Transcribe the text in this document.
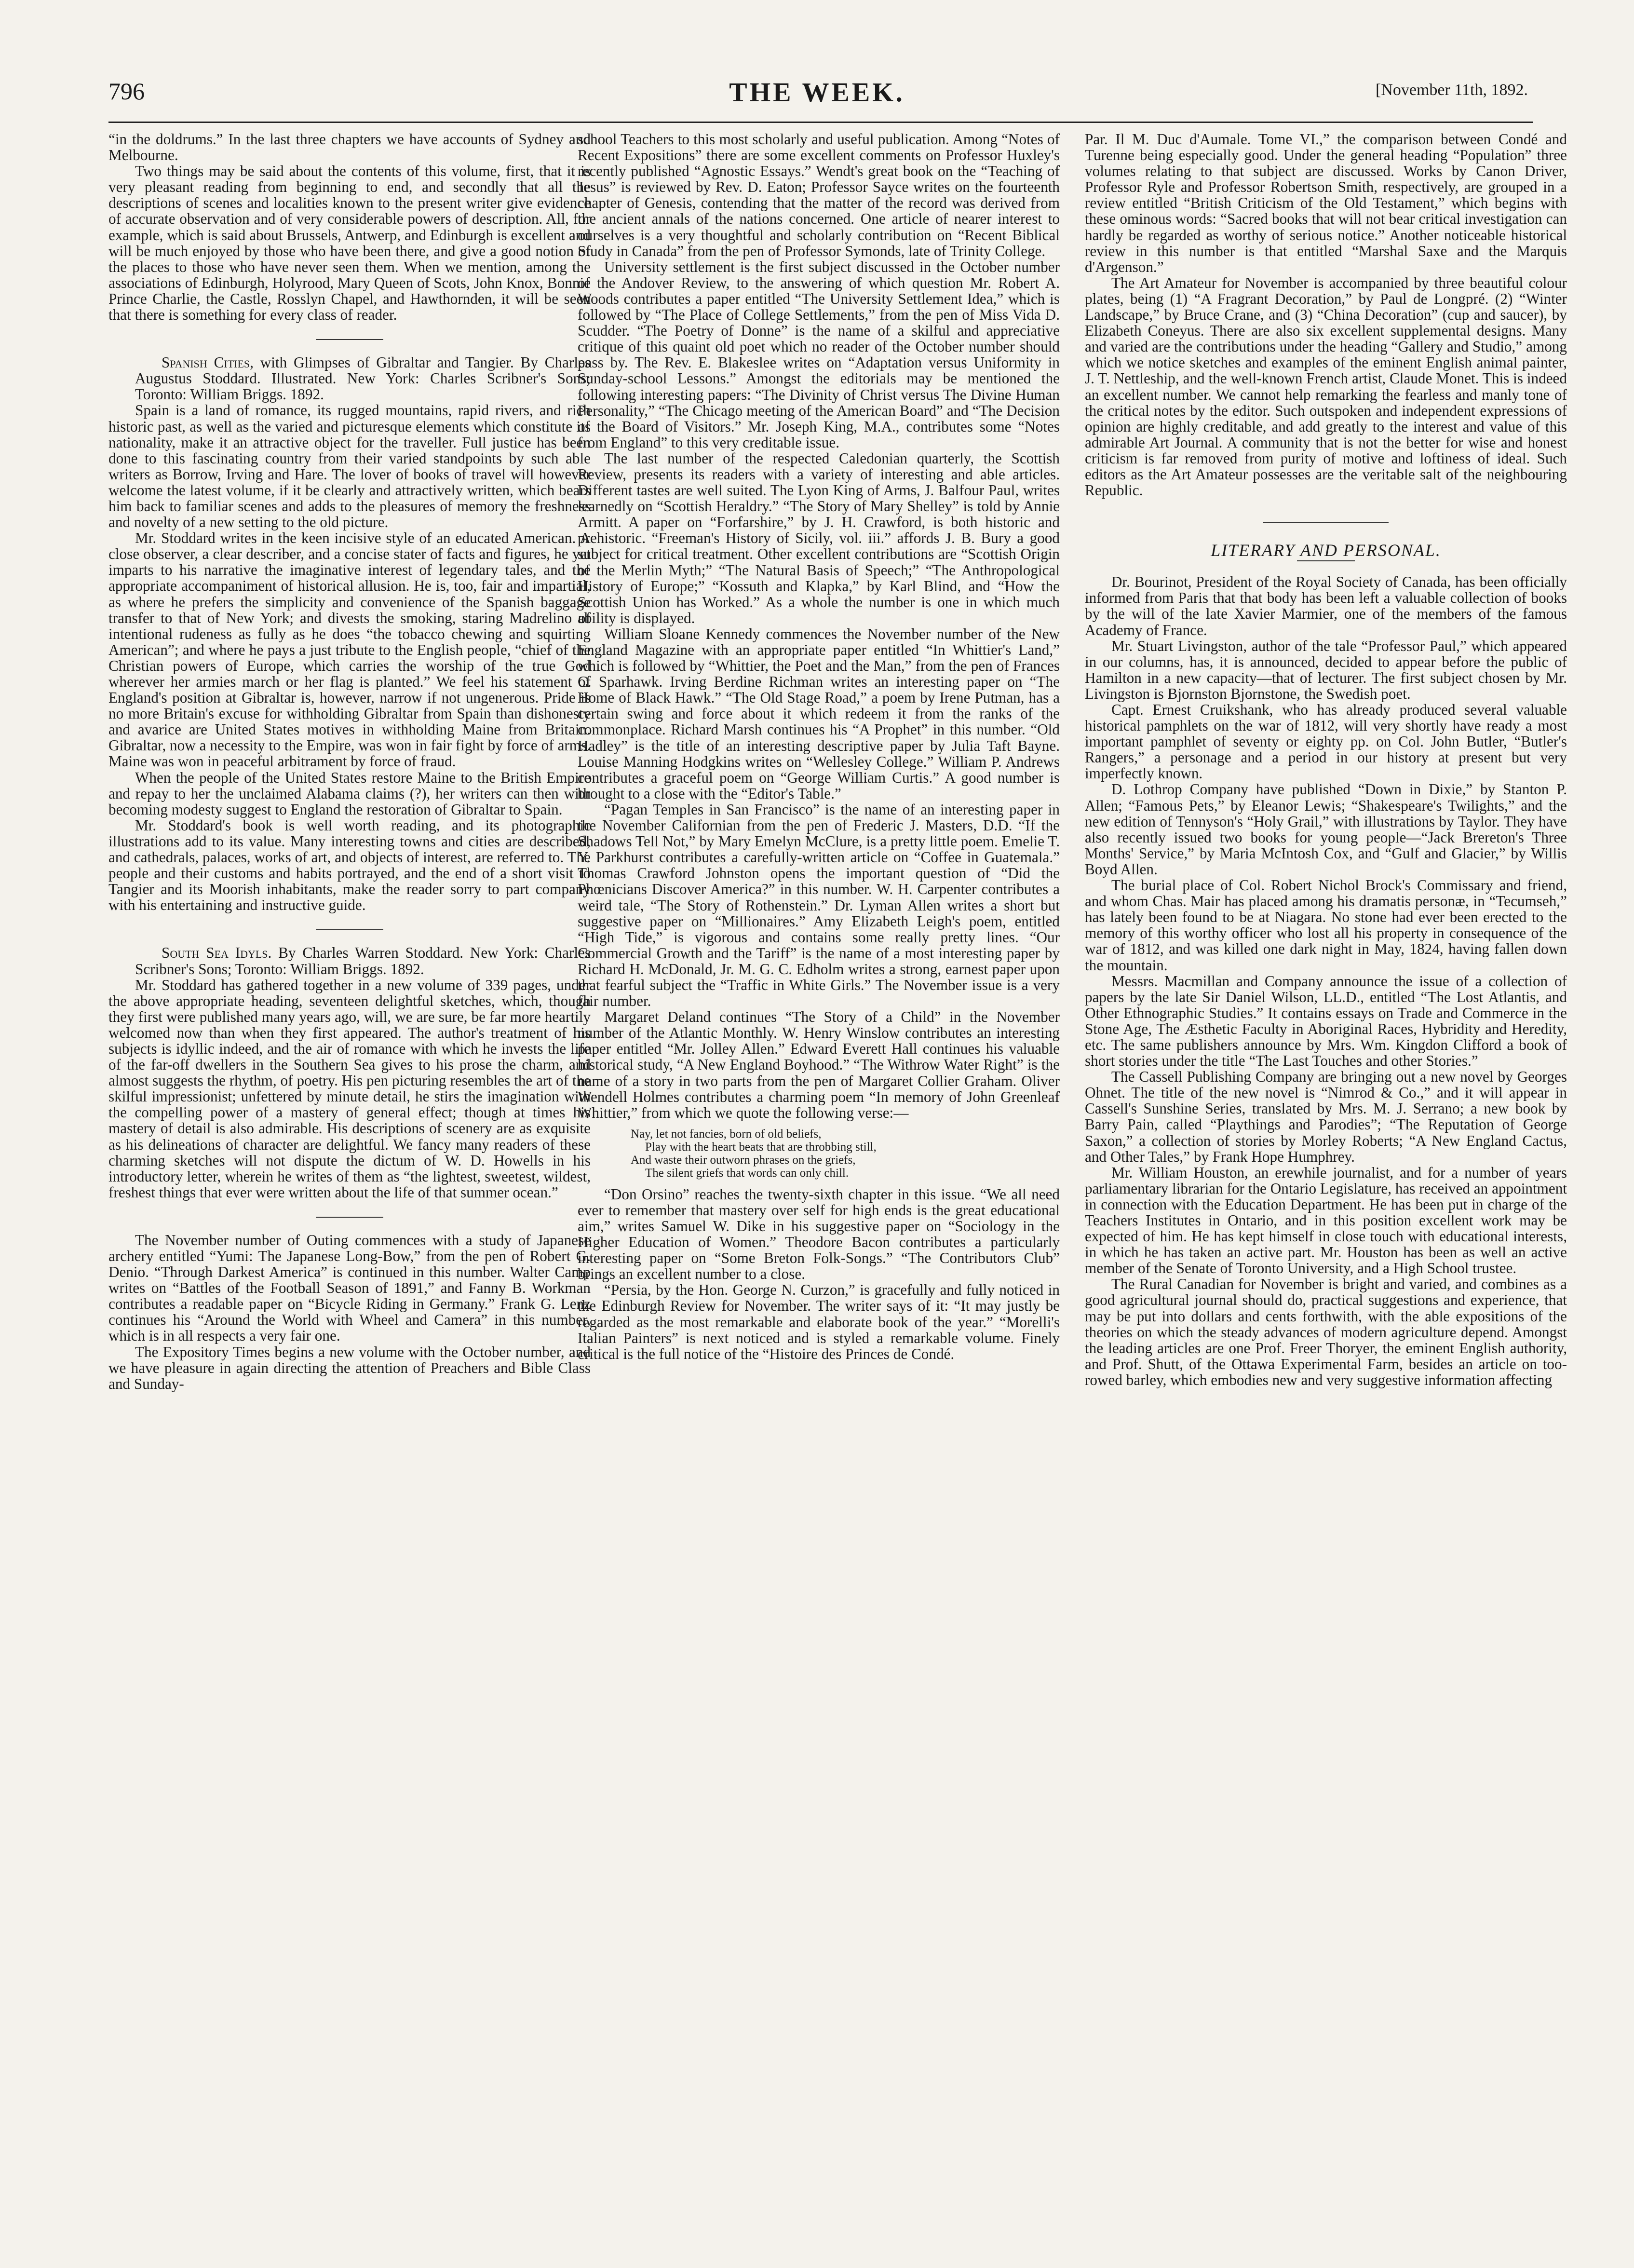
796	THE WEEK.	[November 11th, 1892.

“in the doldrums.” In the last three chapters we have accounts of Sydney and Melbourne.

Two things may be said about the contents of this volume, first, that it is very pleasant reading from beginning to end, and secondly that all the descriptions of scenes and localities known to the present writer give evidence of accurate observation and of very considerable powers of description. All, for example, which is said about Brussels, Antwerp, and Edinburgh is excellent and will be much enjoyed by those who have been there, and give a good notion of the places to those who have never seen them. When we mention, among the associations of Edinburgh, Holyrood, Mary Queen of Scots, John Knox, Bonnie Prince Charlie, the Castle, Rosslyn Chapel, and Hawthornden, it will be seen that there is something for every class of reader.

Spanish Cities, with Glimpses of Gibraltar and Tangier. By Charles Augustus Stoddard. Illustrated. New York: Charles Scribner's Sons; Toronto: William Briggs. 1892.

Spain is a land of romance, its rugged mountains, rapid rivers, and rich historic past, as well as the varied and picturesque elements which constitute its nationality, make it an attractive object for the traveller. Full justice has been done to this fascinating country from their varied standpoints by such able writers as Borrow, Irving and Hare. The lover of books of travel will however welcome the latest volume, if it be clearly and attractively written, which bears him back to familiar scenes and adds to the pleasures of memory the freshness and novelty of a new setting to the old picture.

Mr. Stoddard writes in the keen incisive style of an educated American. A close observer, a clear describer, and a concise stater of facts and figures, he yet imparts to his narrative the imaginative interest of legendary tales, and the appropriate accompaniment of historical allusion. He is, too, fair and impartial, as where he prefers the simplicity and convenience of the Spanish baggage transfer to that of New York; and divests the smoking, staring Madrelino of intentional rudeness as fully as he does “the tobacco chewing and squirting American”; and where he pays a just tribute to the English people, “chief of the Christian powers of Europe, which carries the worship of the true God wherever her armies march or her flag is planted.” We feel his statement of England's position at Gibraltar is, however, narrow if not ungenerous. Pride is no more Britain's excuse for withholding Gibraltar from Spain than dishonesty and avarice are United States motives in withholding Maine from Britain. Gibraltar, now a necessity to the Empire, was won in fair fight by force of arms. Maine was won in peaceful arbitrament by force of fraud.

When the people of the United States restore Maine to the British Empire and repay to her the unclaimed Alabama claims (?), her writers can then with becoming modesty suggest to England the restoration of Gibraltar to Spain.

Mr. Stoddard's book is well worth reading, and its photographic illustrations add to its value. Many interesting towns and cities are described, and cathedrals, palaces, works of art, and objects of interest, are referred to. The people and their customs and habits portrayed, and the end of a short visit to Tangier and its Moorish inhabitants, make the reader sorry to part company with his entertaining and instructive guide.

South Sea Idyls. By Charles Warren Stoddard. New York: Charles Scribner's Sons; Toronto: William Briggs. 1892.

Mr. Stoddard has gathered together in a new volume of 339 pages, under the above appropriate heading, seventeen delightful sketches, which, though they first were published many years ago, will, we are sure, be far more heartily welcomed now than when they first appeared. The author's treatment of his subjects is idyllic indeed, and the air of romance with which he invests the life of the far-off dwellers in the Southern Sea gives to his prose the charm, and almost suggests the rhythm, of poetry. His pen picturing resembles the art of the skilful impressionist; unfettered by minute detail, he stirs the imagination with the compelling power of a mastery of general effect; though at times his mastery of detail is also admirable. His descriptions of scenery are as exquisite as his delineations of character are delightful. We fancy many readers of these charming sketches will not dispute the dictum of W. D. Howells in his introductory letter, wherein he writes of them as “the lightest, sweetest, wildest, freshest things that ever were written about the life of that summer ocean.”

The November number of Outing commences with a study of Japanese archery entitled “Yumi: The Japanese Long-Bow,” from the pen of Robert G. Denio. “Through Darkest America” is continued in this number. Walter Camp writes on “Battles of the Football Season of 1891,” and Fanny B. Workman contributes a readable paper on “Bicycle Riding in Germany.” Frank G. Lenz continues his “Around the World with Wheel and Camera” in this number, which is in all respects a very fair one.

The Expository Times begins a new volume with the October number, and we have pleasure in again directing the attention of Preachers and Bible Class and Sunday-

school Teachers to this most scholarly and useful publication. Among “Notes of Recent Expositions” there are some excellent comments on Professor Huxley's recently published “Agnostic Essays.” Wendt's great book on the “Teaching of Jesus” is reviewed by Rev. D. Eaton; Professor Sayce writes on the fourteenth chapter of Genesis, contending that the matter of the record was derived from the ancient annals of the nations concerned. One article of nearer interest to ourselves is a very thoughtful and scholarly contribution on “Recent Biblical Study in Canada” from the pen of Professor Symonds, late of Trinity College.

University settlement is the first subject discussed in the October number of the Andover Review, to the answering of which question Mr. Robert A. Woods contributes a paper entitled “The University Settlement Idea,” which is followed by “The Place of College Settlements,” from the pen of Miss Vida D. Scudder. “The Poetry of Donne” is the name of a skilful and appreciative critique of this quaint old poet which no reader of the October number should pass by. The Rev. E. Blakeslee writes on “Adaptation versus Uniformity in Sunday-school Lessons.” Amongst the editorials may be mentioned the following interesting papers: “The Divinity of Christ versus The Divine Human Personality,” “The Chicago meeting of the American Board” and “The Decision of the Board of Visitors.” Mr. Joseph King, M.A., contributes some “Notes from England” to this very creditable issue.

The last number of the respected Caledonian quarterly, the Scottish Review, presents its readers with a variety of interesting and able articles. Different tastes are well suited. The Lyon King of Arms, J. Balfour Paul, writes learnedly on “Scottish Heraldry.” “The Story of Mary Shelley” is told by Annie Armitt. A paper on “Forfarshire,” by J. H. Crawford, is both historic and prehistoric. “Freeman's History of Sicily, vol. iii.” affords J. B. Bury a good subject for critical treatment. Other excellent contributions are “Scottish Origin of the Merlin Myth;” “The Natural Basis of Speech;” “The Anthropological History of Europe;” “Kossuth and Klapka,” by Karl Blind, and “How the Scottish Union has Worked.” As a whole the number is one in which much ability is displayed.

William Sloane Kennedy commences the November number of the New England Magazine with an appropriate paper entitled “In Whittier's Land,” which is followed by “Whittier, the Poet and the Man,” from the pen of Frances C. Sparhawk. Irving Berdine Richman writes an interesting paper on “The Home of Black Hawk.” “The Old Stage Road,” a poem by Irene Putman, has a certain swing and force about it which redeem it from the ranks of the commonplace. Richard Marsh continues his “A Prophet” in this number. “Old Hadley” is the title of an interesting descriptive paper by Julia Taft Bayne. Louise Manning Hodgkins writes on “Wellesley College.” William P. Andrews contributes a graceful poem on “George William Curtis.” A good number is brought to a close with the “Editor's Table.”

“Pagan Temples in San Francisco” is the name of an interesting paper in the November Californian from the pen of Frederic J. Masters, D.D. “If the Shadows Tell Not,” by Mary Emelyn McClure, is a pretty little poem. Emelie T. Y. Parkhurst contributes a carefully-written article on “Coffee in Guatemala.” Thomas Crawford Johnston opens the important question of “Did the Phœnicians Discover America?” in this number. W. H. Carpenter contributes a weird tale, “The Story of Rothenstein.” Dr. Lyman Allen writes a short but suggestive paper on “Millionaires.” Amy Elizabeth Leigh's poem, entitled “High Tide,” is vigorous and contains some really pretty lines. “Our Commercial Growth and the Tariff” is the name of a most interesting paper by Richard H. McDonald, Jr. M. G. C. Edholm writes a strong, earnest paper upon that fearful subject the “Traffic in White Girls.” The November issue is a very fair number.

Margaret Deland continues “The Story of a Child” in the November number of the Atlantic Monthly. W. Henry Winslow contributes an interesting paper entitled “Mr. Jolley Allen.” Edward Everett Hall continues his valuable historical study, “A New England Boyhood.” “The Withrow Water Right” is the name of a story in two parts from the pen of Margaret Collier Graham. Oliver Wendell Holmes contributes a charming poem “In memory of John Greenleaf Whittier,” from which we quote the following verse:—

Nay, let not fancies, born of old beliefs,
Play with the heart beats that are throbbing still,
And waste their outworn phrases on the griefs,
The silent griefs that words can only chill.

“Don Orsino” reaches the twenty-sixth chapter in this issue. “We all need ever to remember that mastery over self for high ends is the great educational aim,” writes Samuel W. Dike in his suggestive paper on “Sociology in the Higher Education of Women.” Theodore Bacon contributes a particularly interesting paper on “Some Breton Folk-Songs.” “The Contributors Club” brings an excellent number to a close.

“Persia, by the Hon. George N. Curzon,” is gracefully and fully noticed in the Edinburgh Review for November. The writer says of it: “It may justly be regarded as the most remarkable and elaborate book of the year.” “Morelli's Italian Painters” is next noticed and is styled a remarkable volume. Finely critical is the full notice of the “Histoire des Princes de Condé.

Par. Il M. Duc d'Aumale. Tome VI.,” the comparison between Condé and Turenne being especially good. Under the general heading “Population” three volumes relating to that subject are discussed. Works by Canon Driver, Professor Ryle and Professor Robertson Smith, respectively, are grouped in a review entitled “British Criticism of the Old Testament,” which begins with these ominous words: “Sacred books that will not bear critical investigation can hardly be regarded as worthy of serious notice.” Another noticeable historical review in this number is that entitled “Marshal Saxe and the Marquis d'Argenson.”

The Art Amateur for November is accompanied by three beautiful colour plates, being (1) “A Fragrant Decoration,” by Paul de Longpré. (2) “Winter Landscape,” by Bruce Crane, and (3) “China Decoration” (cup and saucer), by Elizabeth Coneyus. There are also six excellent supplemental designs. Many and varied are the contributions under the heading “Gallery and Studio,” among which we notice sketches and examples of the eminent English animal painter, J. T. Nettleship, and the well-known French artist, Claude Monet. This is indeed an excellent number. We cannot help remarking the fearless and manly tone of the critical notes by the editor. Such outspoken and independent expressions of opinion are highly creditable, and add greatly to the interest and value of this admirable Art Journal. A community that is not the better for wise and honest criticism is far removed from purity of motive and loftiness of ideal. Such editors as the Art Amateur possesses are the veritable salt of the neighbouring Republic.

LITERARY AND PERSONAL.

Dr. Bourinot, President of the Royal Society of Canada, has been officially informed from Paris that that body has been left a valuable collection of books by the will of the late Xavier Marmier, one of the members of the famous Academy of France.

Mr. Stuart Livingston, author of the tale “Professor Paul,” which appeared in our columns, has, it is announced, decided to appear before the public of Hamilton in a new capacity—that of lecturer. The first subject chosen by Mr. Livingston is Bjornston Bjornstone, the Swedish poet.

Capt. Ernest Cruikshank, who has already produced several valuable historical pamphlets on the war of 1812, will very shortly have ready a most important pamphlet of seventy or eighty pp. on Col. John Butler, “Butler's Rangers,” a personage and a period in our history at present but very imperfectly known.

D. Lothrop Company have published “Down in Dixie,” by Stanton P. Allen; “Famous Pets,” by Eleanor Lewis; “Shakespeare's Twilights,” and the new edition of Tennyson's “Holy Grail,” with illustrations by Taylor. They have also recently issued two books for young people—“Jack Brereton's Three Months' Service,” by Maria McIntosh Cox, and “Gulf and Glacier,” by Willis Boyd Allen.

The burial place of Col. Robert Nichol Brock's Commissary and friend, and whom Chas. Mair has placed among his dramatis personæ, in “Tecumseh,” has lately been found to be at Niagara. No stone had ever been erected to the memory of this worthy officer who lost all his property in consequence of the war of 1812, and was killed one dark night in May, 1824, having fallen down the mountain.

Messrs. Macmillan and Company announce the issue of a collection of papers by the late Sir Daniel Wilson, LL.D., entitled “The Lost Atlantis, and Other Ethnographic Studies.” It contains essays on Trade and Commerce in the Stone Age, The Æsthetic Faculty in Aboriginal Races, Hybridity and Heredity, etc. The same publishers announce by Mrs. Wm. Kingdon Clifford a book of short stories under the title “The Last Touches and other Stories.”

The Cassell Publishing Company are bringing out a new novel by Georges Ohnet. The title of the new novel is “Nimrod & Co.,” and it will appear in Cassell's Sunshine Series, translated by Mrs. M. J. Serrano; a new book by Barry Pain, called “Playthings and Parodies”; “The Reputation of George Saxon,” a collection of stories by Morley Roberts; “A New England Cactus, and Other Tales,” by Frank Hope Humphrey.

Mr. William Houston, an erewhile journalist, and for a number of years parliamentary librarian for the Ontario Legislature, has received an appointment in connection with the Education Department. He has been put in charge of the Teachers Institutes in Ontario, and in this position excellent work may be expected of him. He has kept himself in close touch with educational interests, in which he has taken an active part. Mr. Houston has been as well an active member of the Senate of Toronto University, and a High School trustee.

The Rural Canadian for November is bright and varied, and combines as a good agricultural journal should do, practical suggestions and experience, that may be put into dollars and cents forthwith, with the able expositions of the theories on which the steady advances of modern agriculture depend. Amongst the leading articles are one Prof. Freer Thoryer, the eminent English authority, and Prof. Shutt, of the Ottawa Experimental Farm, besides an article on too-rowed barley, which embodies new and very suggestive information affecting
